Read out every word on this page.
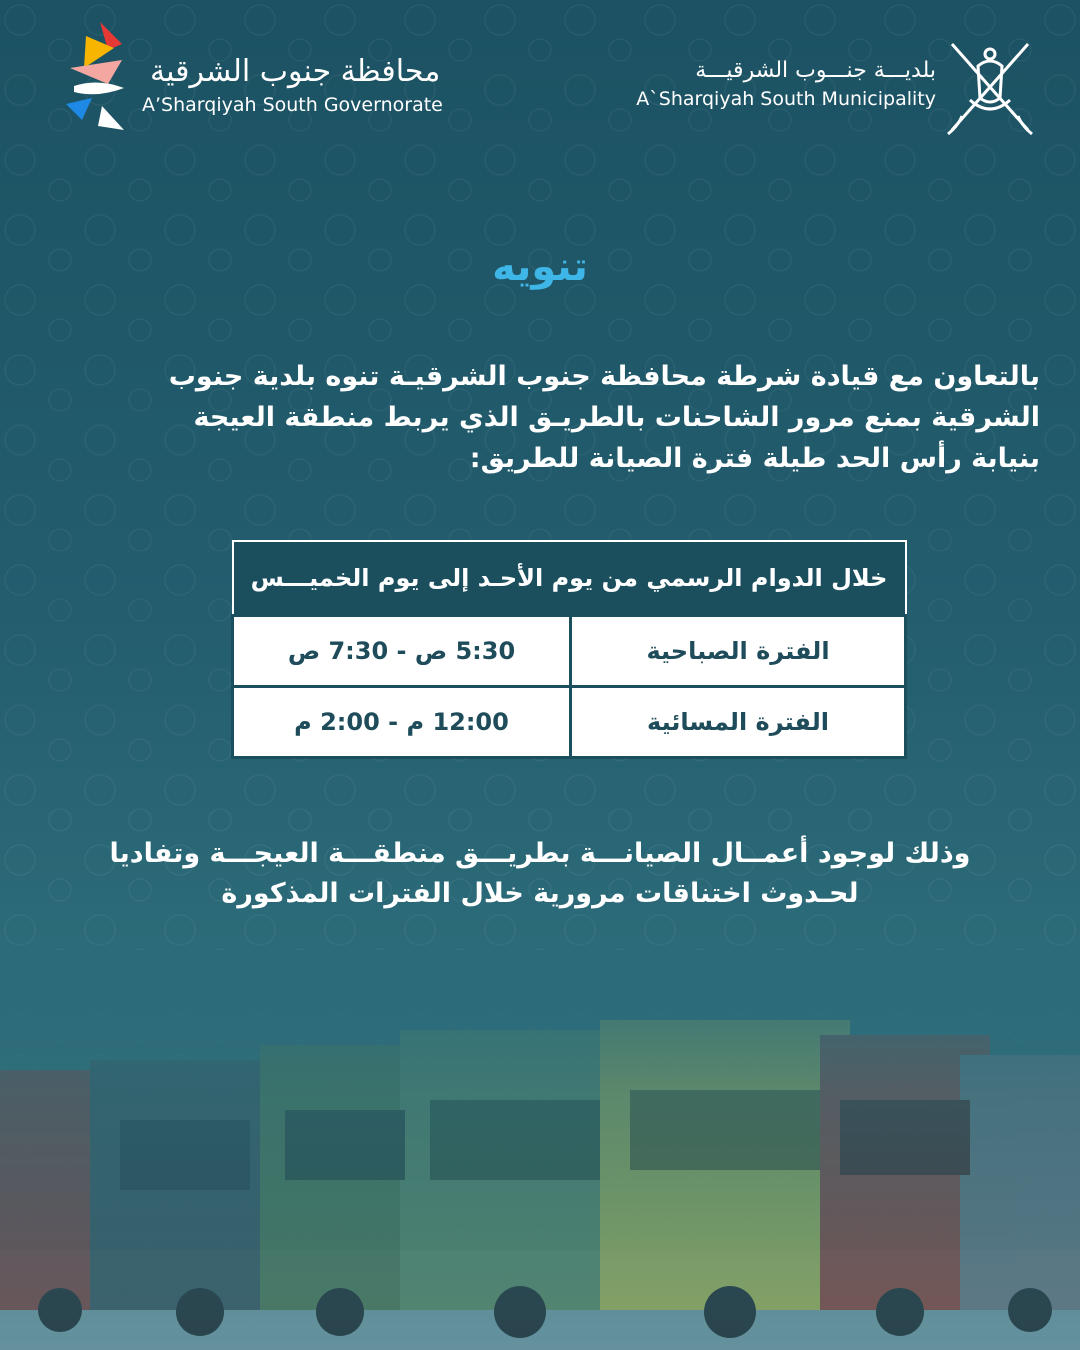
محافظة جنوب الشرقية
A’Sharqiyah South Governorate
بلديـــة جنـــوب الشرقيـــة
A`Sharqiyah South Municipality
تنويه
بالتعاون مع قيادة شرطة محافظة جنوب الشرقيـة تنوه بلدية جنوب
الشرقية بمنع مرور الشاحنات بالطريـق الذي يربط منطقة العيجة
بنيابة رأس الحد طيلة فترة الصيانة للطريق:
خلال الدوام الرسمي من يوم الأحـد إلى يوم الخميـــس	
الفترة الصباحية	5:30 ص - 7:30 ص
الفترة المسائية	12:00 م - 2:00 م
وذلك لوجود أعمــال الصيانـــة بطريـــق منطقـــة العيجـــة وتفاديا
لحـدوث اختناقات مرورية خلال الفترات المذكورة
